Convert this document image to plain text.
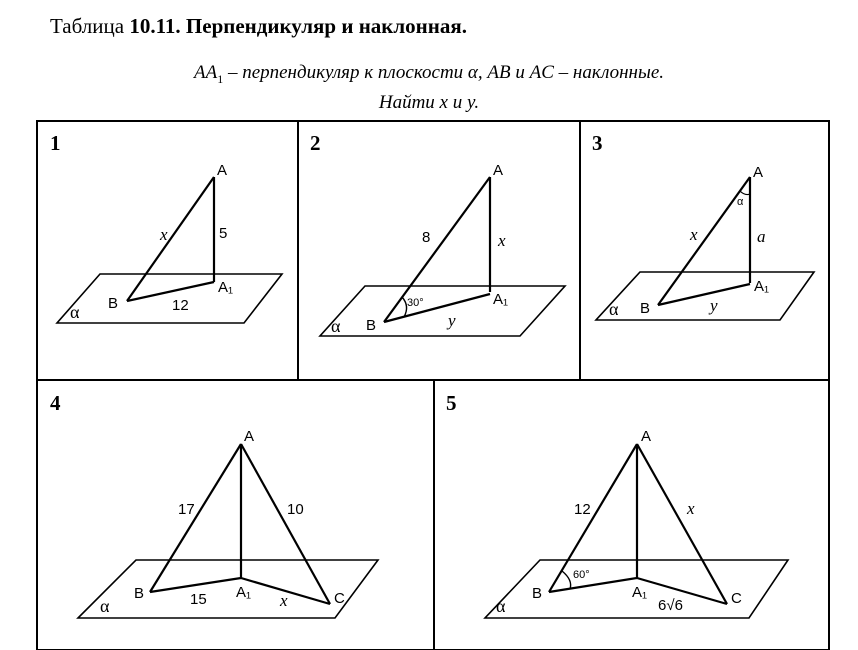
Таблица 10.11. Перпендикуляр и наклонная.
$AA_1$ – перпендикуляр к плоскости α, AB и AC – наклонные.
Найти x и y.
1
A
A₁
B
α
x	5
12
2
A
A₁
B
α
8	x
y
30°
3
A
A₁
B
α
x	a
y
α
4
A
A₁
B	C
α
17	10
15	x
5
A
A₁
B	C
α
12	x
6√6
60°
